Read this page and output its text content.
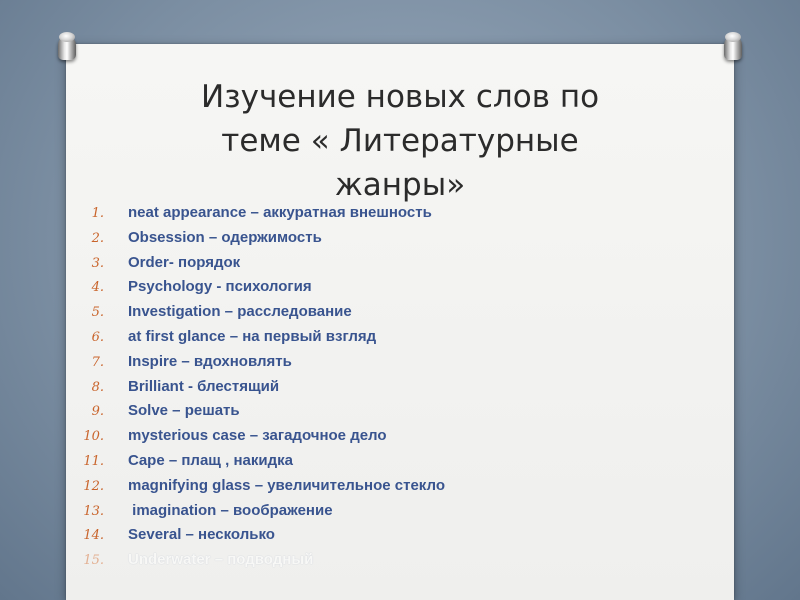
Изучение новых слов по
теме « Литературные
жанры»
1. neat appearance – аккуратная внешность
2. Obsession – одержимость
3. Order- порядок
4. Psychology - психология
5. Investigation – расследование
6. at first glance – на первый взгляд
7. Inspire – вдохновлять
8. Brilliant - блестящий
9. Solve – решать
10. mysterious case – загадочное дело
11. Cape – плащ , накидка
12. magnifying glass – увеличительное стекло
13. imagination – воображение
14. Several – несколько
15. Underwater – подводный
